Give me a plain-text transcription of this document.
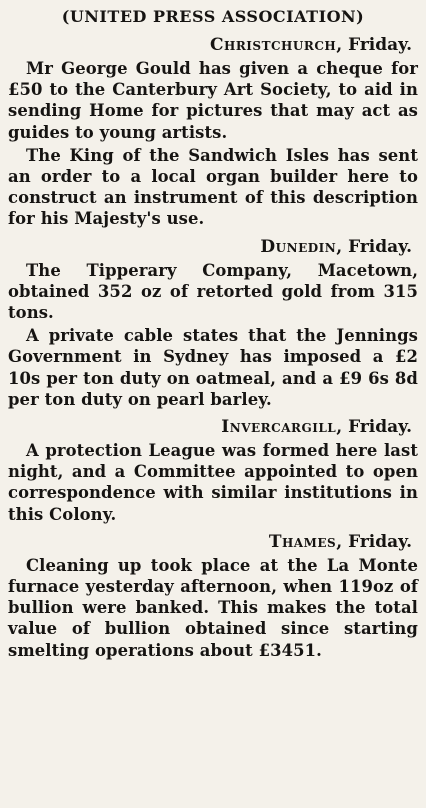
(UNITED PRESS ASSOCIATION)
Christchurch, Friday.

Mr George Gould has given a cheque for £50 to the Canterbury Art Society, to aid in sending Home for pictures that may act as guides to young artists.

The King of the Sandwich Isles has sent an order to a local organ builder here to construct an instrument of this description for his Majesty's use.

Dunedin, Friday.

The Tipperary Company, Macetown, obtained 352 oz of retorted gold from 315 tons.

A private cable states that the Jennings Government in Sydney has imposed a £2 10s per ton duty on oatmeal, and a £9 6s 8d per ton duty on pearl barley.

Invercargill, Friday.

A protection League was formed here last night, and a Committee appointed to open correspondence with similar institutions in this Colony.

Thames, Friday.

Cleaning up took place at the La Monte furnace yesterday afternoon, when 119oz of bullion were banked. This makes the total value of bullion obtained since starting smelting operations about £3451.
